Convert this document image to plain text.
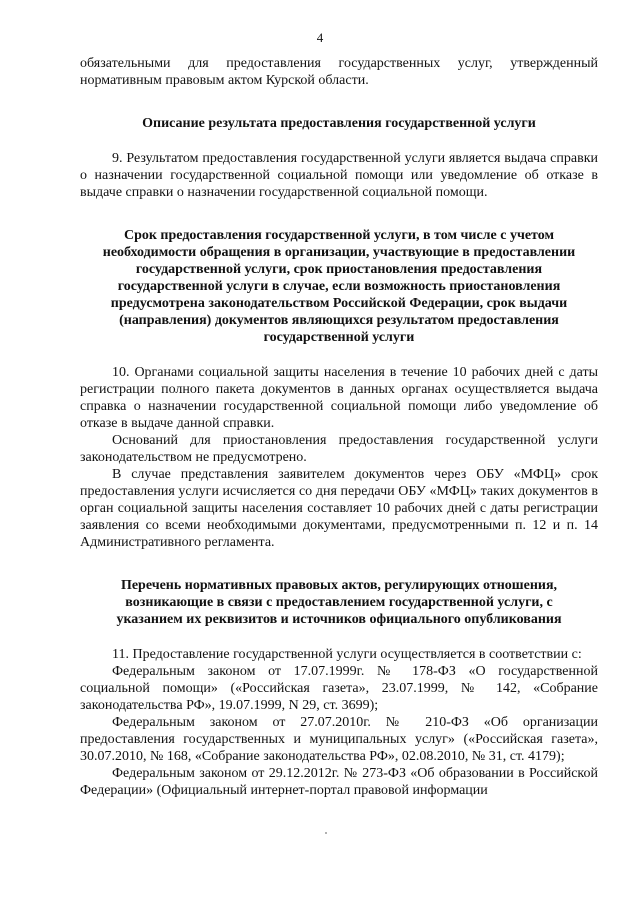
4

обязательными для предоставления государственных услуг, утвержденный нормативным правовым актом Курской области.

Описание результата предоставления государственной услуги

9. Результатом предоставления государственной услуги является выдача справки о назначении государственной социальной помощи или уведомление об отказе в выдаче справки о назначении государственной социальной помощи.

Срок предоставления государственной услуги, в том числе с учетом
необходимости обращения в организации, участвующие в предоставлении
государственной услуги, срок приостановления предоставления
государственной услуги в случае, если возможность приостановления
предусмотрена законодательством Российской Федерации, срок выдачи
(направления) документов являющихся результатом предоставления
государственной услуги

10. Органами социальной защиты населения в течение 10 рабочих дней с даты регистрации полного пакета документов в данных органах осуществляется выдача справка о назначении государственной социальной помощи либо уведомление об отказе в выдаче данной справки.

Оснований для приостановления предоставления государственной услуги законодательством не предусмотрено.

В случае представления заявителем документов через ОБУ «МФЦ» срок предоставления услуги исчисляется со дня передачи ОБУ «МФЦ» таких документов в орган социальной защиты населения составляет 10 рабочих дней с даты регистрации заявления со всеми необходимыми документами, предусмотренными п. 12 и п. 14 Административного регламента.

Перечень нормативных правовых актов, регулирующих отношения,
возникающие в связи с предоставлением государственной услуги, с
указанием их реквизитов и источников официального опубликования

11. Предоставление государственной услуги осуществляется в соответствии с:

Федеральным законом от 17.07.1999г. № 178-ФЗ «О государственной социальной помощи» («Российская газета», 23.07.1999, № 142, «Собрание законодательства РФ», 19.07.1999, N 29, ст. 3699);

Федеральным законом от 27.07.2010г. № 210-ФЗ «Об организации предоставления государственных и муниципальных услуг» («Российская газета», 30.07.2010, № 168, «Собрание законодательства РФ», 02.08.2010, № 31, ст. 4179);

Федеральным законом от 29.12.2012г. № 273-ФЗ «Об образовании в Российской Федерации» (Официальный интернет-портал правовой информации
